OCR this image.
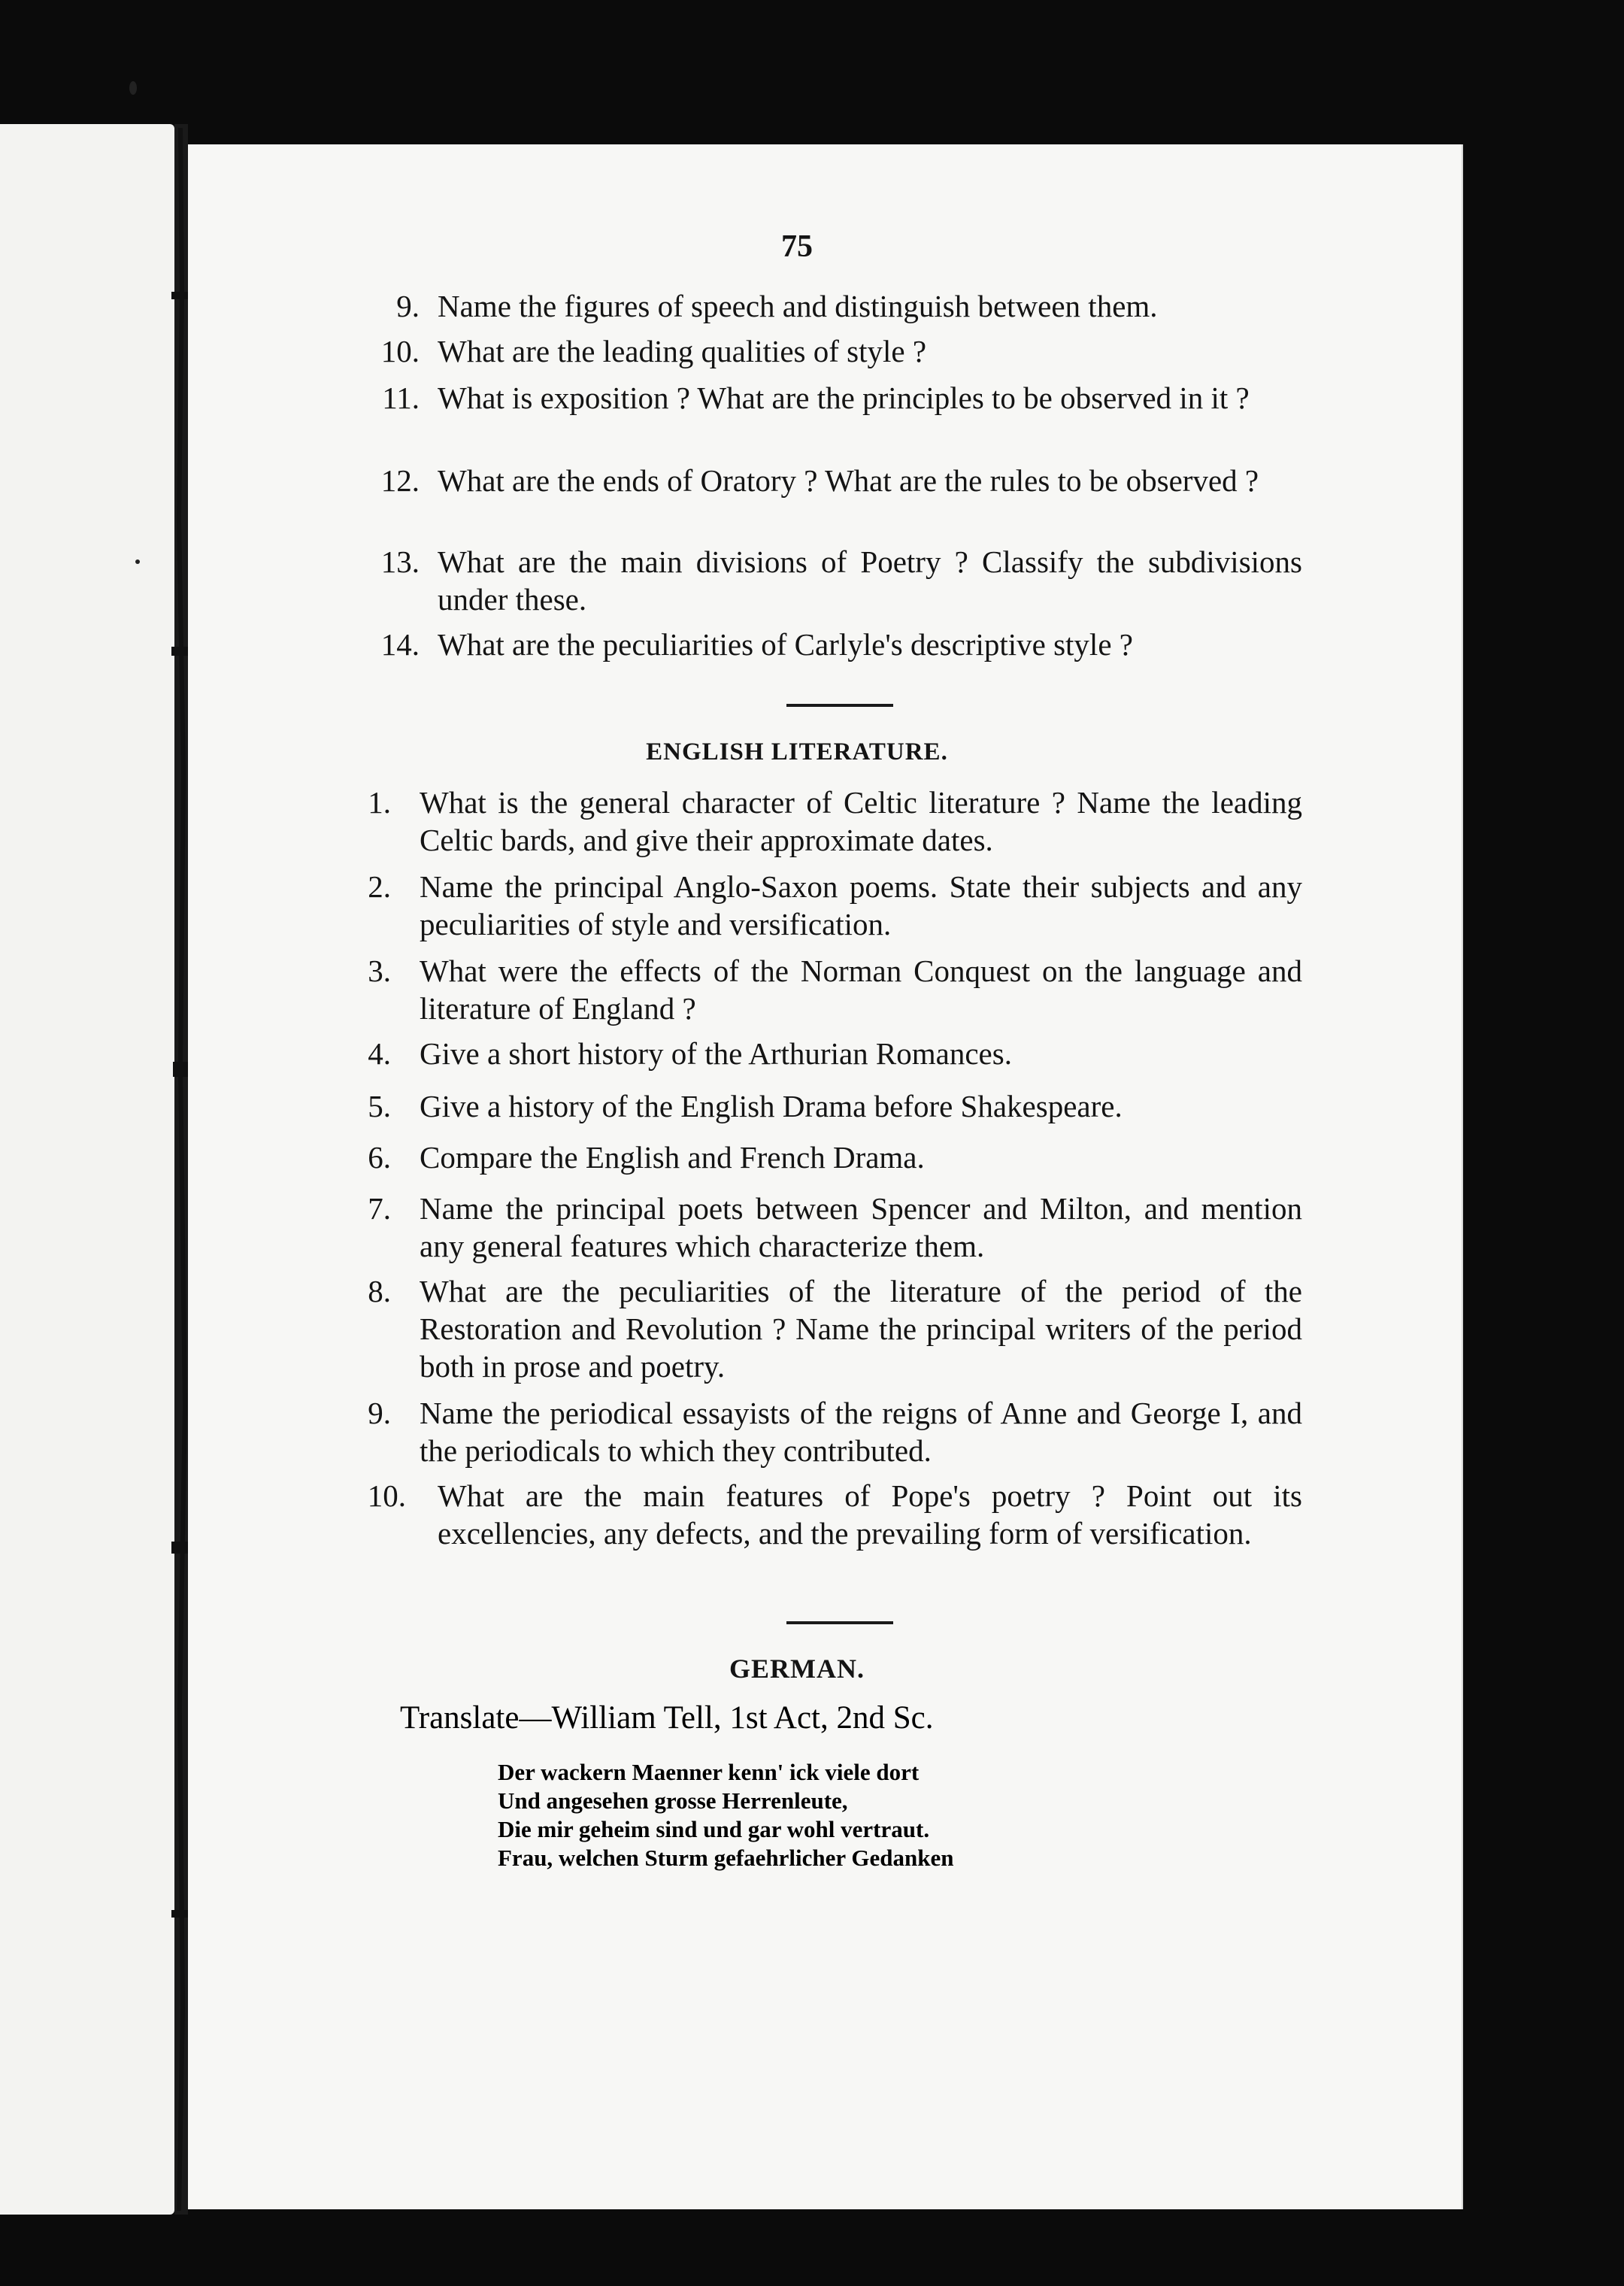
75
9. Name the figures of speech and distinguish between them.
10. What are the leading qualities of style ?
11. What is exposition ? What are the principles to be observed in it ?
12. What are the ends of Oratory ? What are the rules to be observed ?
13. What are the main divisions of Poetry ? Classify the subdivisions under these.
14. What are the peculiarities of Carlyle's descriptive style ?
ENGLISH LITERATURE.
1. What is the general character of Celtic literature ? Name the leading Celtic bards, and give their approximate dates.
2. Name the principal Anglo-Saxon poems. State their subjects and any peculiarities of style and versification.
3. What were the effects of the Norman Conquest on the language and literature of England ?
4. Give a short history of the Arthurian Romances.
5. Give a history of the English Drama before Shakespeare.
6. Compare the English and French Drama.
7. Name the principal poets between Spencer and Milton, and mention any general features which characterize them.
8. What are the peculiarities of the literature of the period of the Restoration and Revolution ? Name the principal writers of the period both in prose and poetry.
9. Name the periodical essayists of the reigns of Anne and George I, and the periodicals to which they contributed.
10. What are the main features of Pope's poetry ? Point out its excellencies, any defects, and the prevailing form of versification.
GERMAN.
Translate—William Tell, 1st Act, 2nd Sc.
Der wackern Maenner kenn' ick viele dort
Und angesehen grosse Herrenleute,
Die mir geheim sind und gar wohl vertraut.
Frau, welchen Sturm gefaehrlicher Gedanken
